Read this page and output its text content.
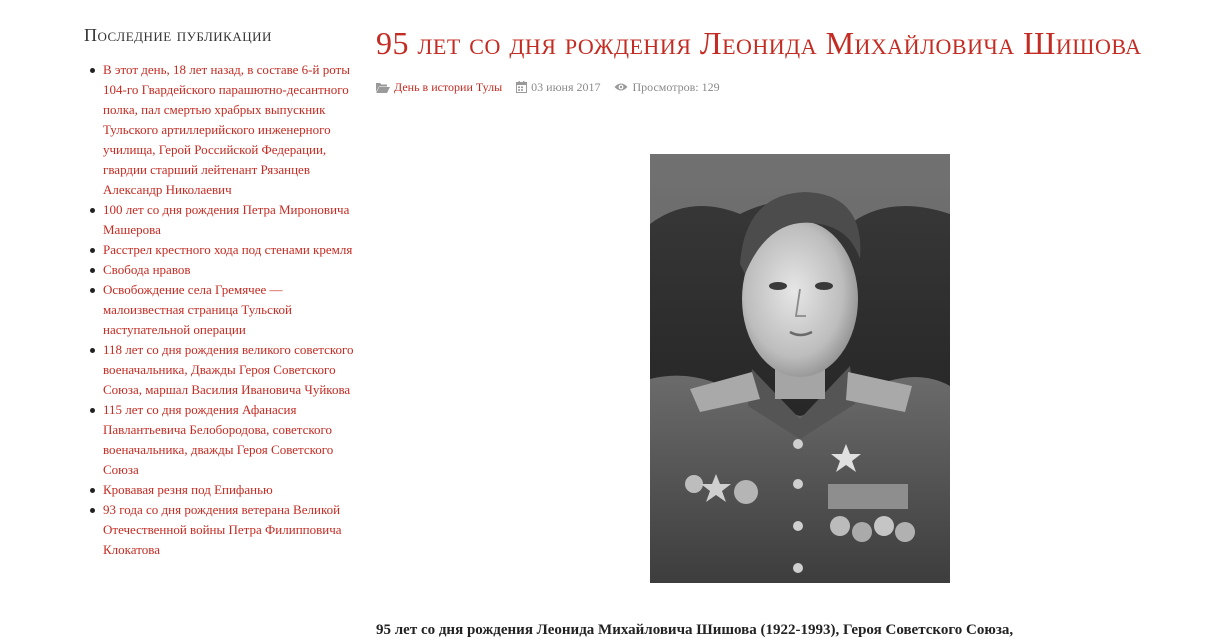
Последние публикации
В этот день, 18 лет назад, в составе 6-й роты 104-го Гвардейского парашютно-десантного полка, пал смертью храбрых выпускник Тульского артиллерийского инженерного училища, Герой Российской Федерации, гвардии старший лейтенант Рязанцев Александр Николаевич
100 лет со дня рождения Петра Мироновича Машерова
Расстрел крестного хода под стенами кремля
Свобода нравов
Освобождение села Гремячее — малоизвестная страница Тульской наступательной операции
118 лет со дня рождения великого советского военачальника, Дважды Героя Советского Союза, маршал Василия Ивановича Чуйкова
115 лет со дня рождения Афанасия Павлантьевича Белобородова, советского военачальника, дважды Героя Советского Союза
Кровавая резня под Епифанью
93 года со дня рождения ветерана Великой Отечественной войны Петра Филипповича Клокатова
95 лет со дня рождения Леонида Михайловича Шишова
День в истории Тулы 03 июня 2017	Просмотров: 129

95 лет со дня рождения Леонида Михайловича Шишова (1922-1993), Героя Советского Союза,
